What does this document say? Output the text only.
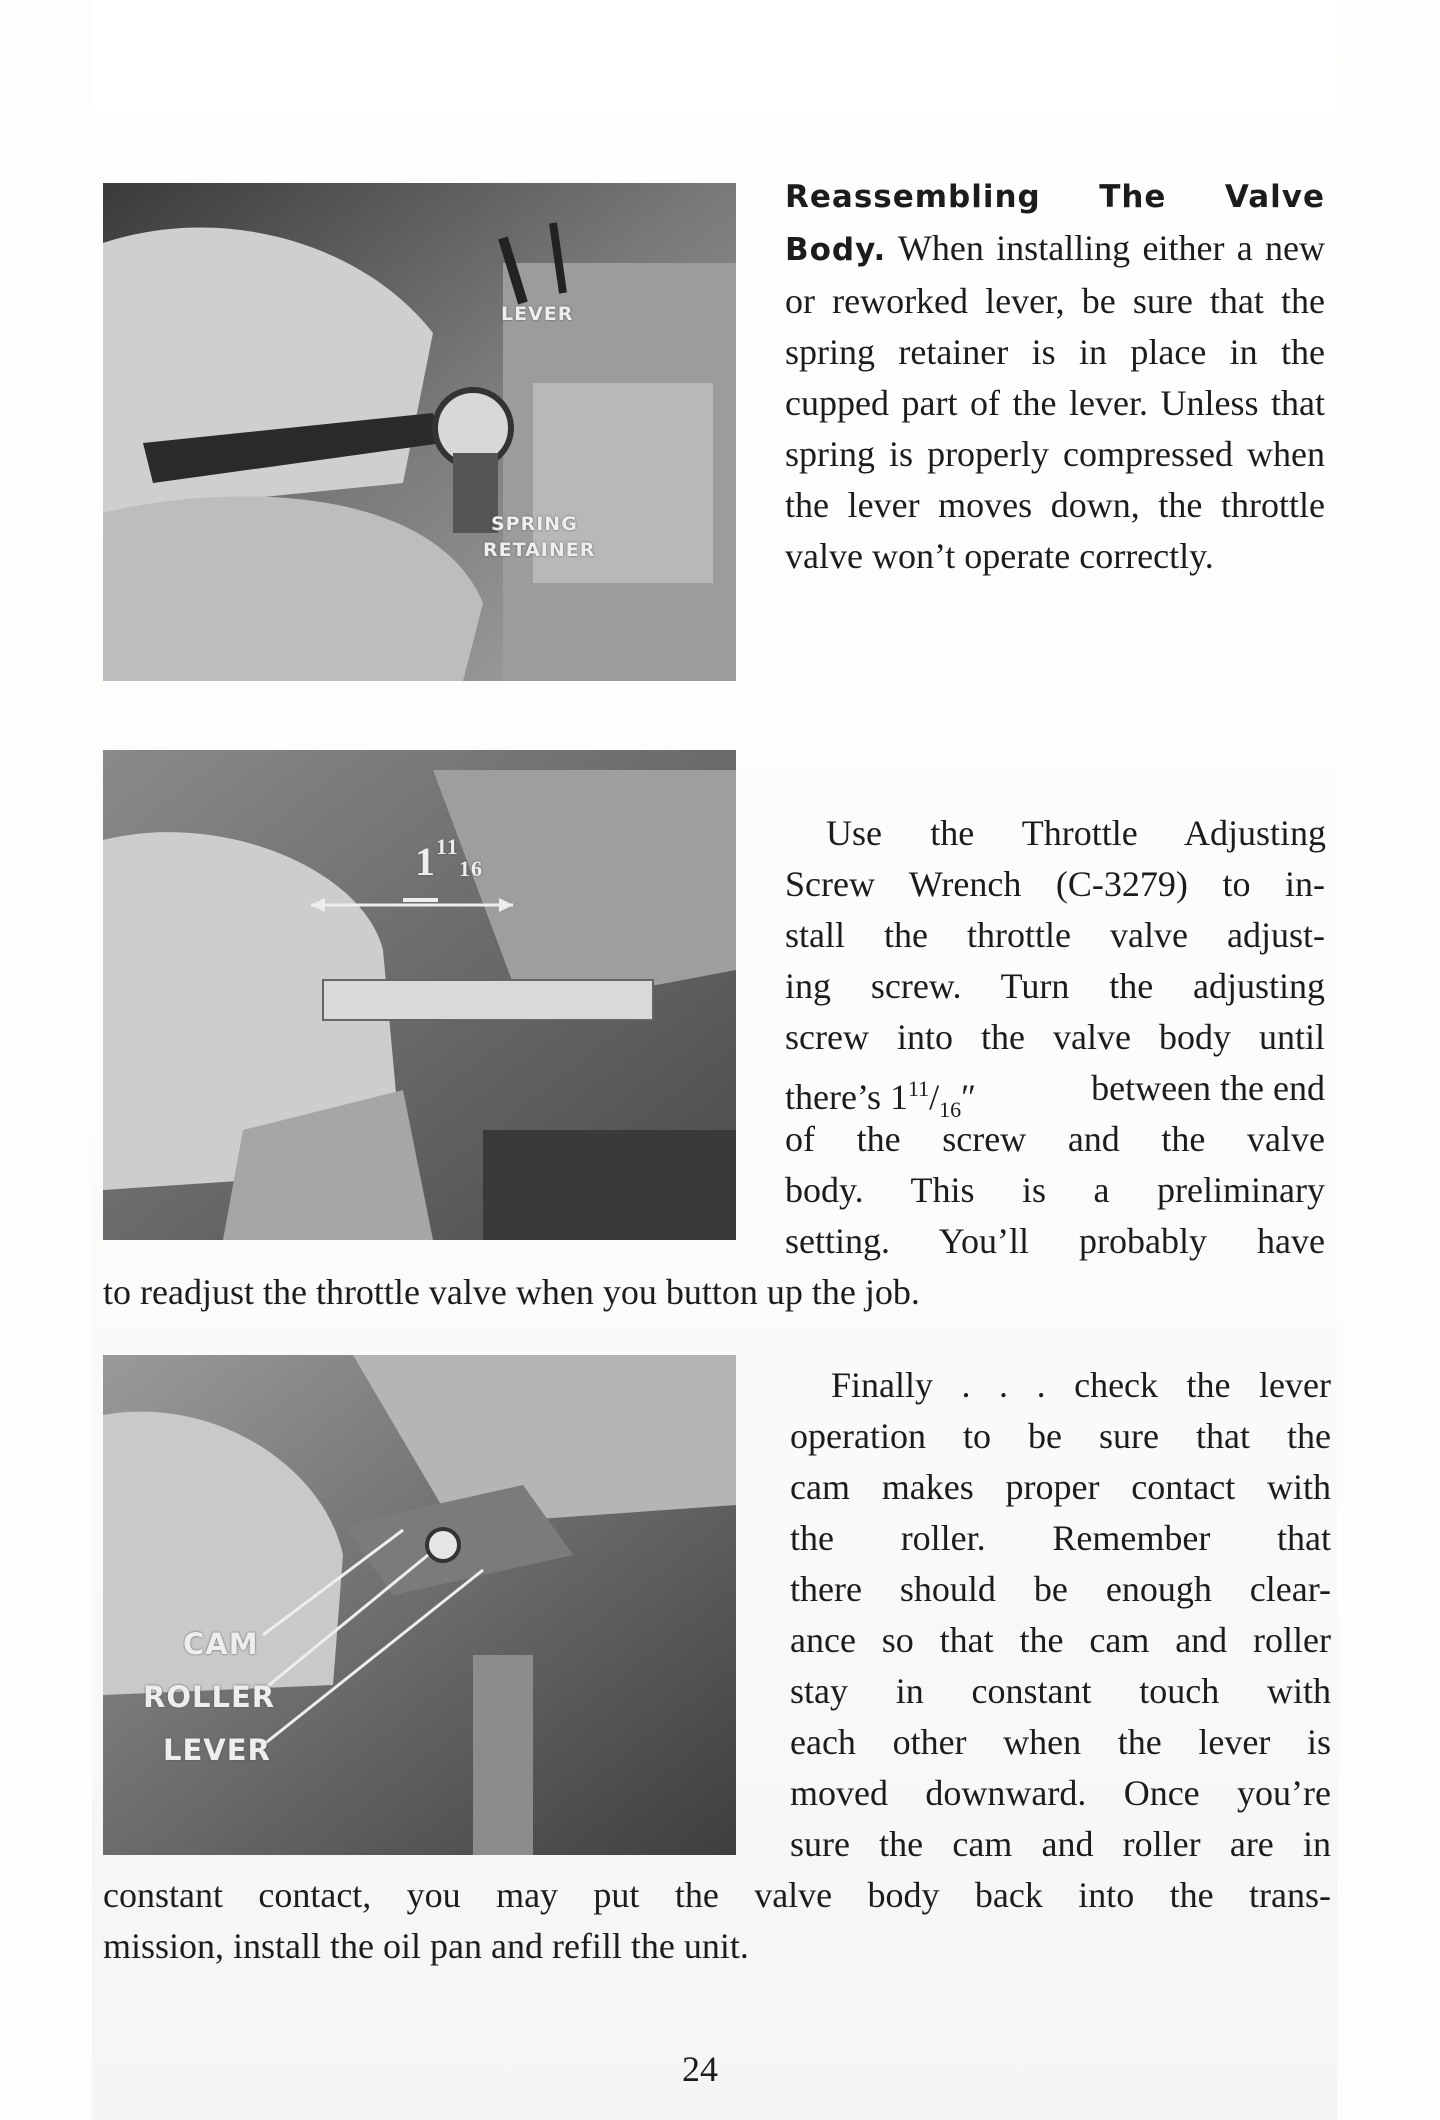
LEVER
SPRING
RETAINER
1 11
16
CAM
ROLLER
LEVER

Reassembling The Valve Body. When installing either a new or reworked lever, be sure that the spring retainer is in place in the cupped part of the lever. Unless that spring is properly compressed when the lever moves down, the throttle valve won’t operate correctly.

Use the Throttle Adjusting
Screw Wrench (C-3279) to in-
stall the throttle valve adjust-
ing screw. Turn the adjusting
screw into the valve body until
there’s $1^{11}/_{16}''$	between the end
of the screw and the valve
body. This is a preliminary
setting. You’ll probably have
to readjust the throttle valve when you button up the job.
Finally . . . check the lever
operation to be sure that the
cam makes proper contact with
the roller. Remember that
there should be enough clear-
ance so that the cam and roller
stay in constant touch with
each other when the lever is
moved downward. Once you’re
sure the cam and roller are in
constant contact, you may put the valve body back into the trans-
mission, install the oil pan and refill the unit.
24
